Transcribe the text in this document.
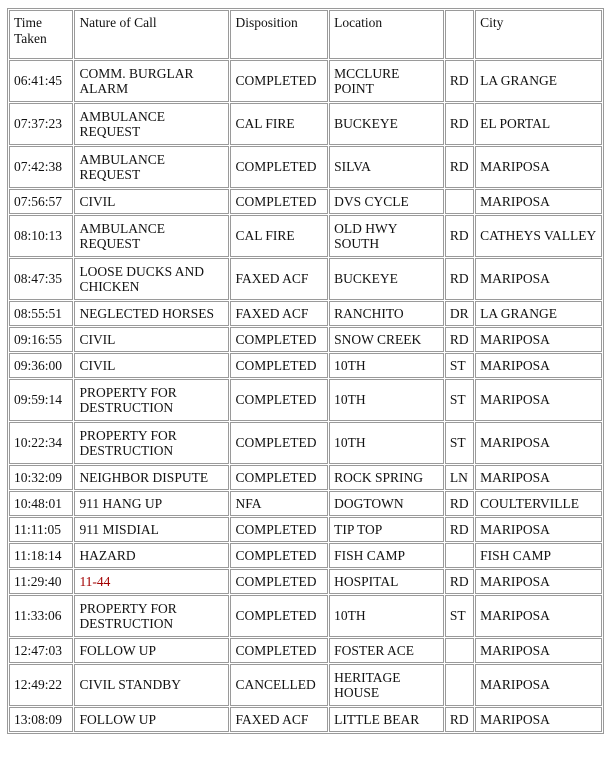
Time Taken	Nature of Call	Disposition	Location		City
06:41:45	COMM. BURGLAR ALARM	COMPLETED	MCCLURE POINT	RD	LA GRANGE
07:37:23	AMBULANCE REQUEST	CAL FIRE	BUCKEYE	RD	EL PORTAL
07:42:38	AMBULANCE REQUEST	COMPLETED	SILVA	RD	MARIPOSA
07:56:57	CIVIL	COMPLETED	DVS CYCLE		MARIPOSA
08:10:13	AMBULANCE REQUEST	CAL FIRE	OLD HWY SOUTH	RD	CATHEYS VALLEY
08:47:35	LOOSE DUCKS AND CHICKEN	FAXED ACF	BUCKEYE	RD	MARIPOSA
08:55:51	NEGLECTED HORSES	FAXED ACF	RANCHITO	DR	LA GRANGE
09:16:55	CIVIL	COMPLETED	SNOW CREEK	RD	MARIPOSA
09:36:00	CIVIL	COMPLETED	10TH	ST	MARIPOSA
09:59:14	PROPERTY FOR DESTRUCTION	COMPLETED	10TH	ST	MARIPOSA
10:22:34	PROPERTY FOR DESTRUCTION	COMPLETED	10TH	ST	MARIPOSA
10:32:09	NEIGHBOR DISPUTE	COMPLETED	ROCK SPRING	LN	MARIPOSA
10:48:01	911 HANG UP	NFA	DOGTOWN	RD	COULTERVILLE
11:11:05	911 MISDIAL	COMPLETED	TIP TOP	RD	MARIPOSA
11:18:14	HAZARD	COMPLETED	FISH CAMP		FISH CAMP
11:29:40	11-44	COMPLETED	HOSPITAL	RD	MARIPOSA
11:33:06	PROPERTY FOR DESTRUCTION	COMPLETED	10TH	ST	MARIPOSA
12:47:03	FOLLOW UP	COMPLETED	FOSTER ACE		MARIPOSA
12:49:22	CIVIL STANDBY	CANCELLED	HERITAGE HOUSE		MARIPOSA
13:08:09	FOLLOW UP	FAXED ACF	LITTLE BEAR	RD	MARIPOSA
